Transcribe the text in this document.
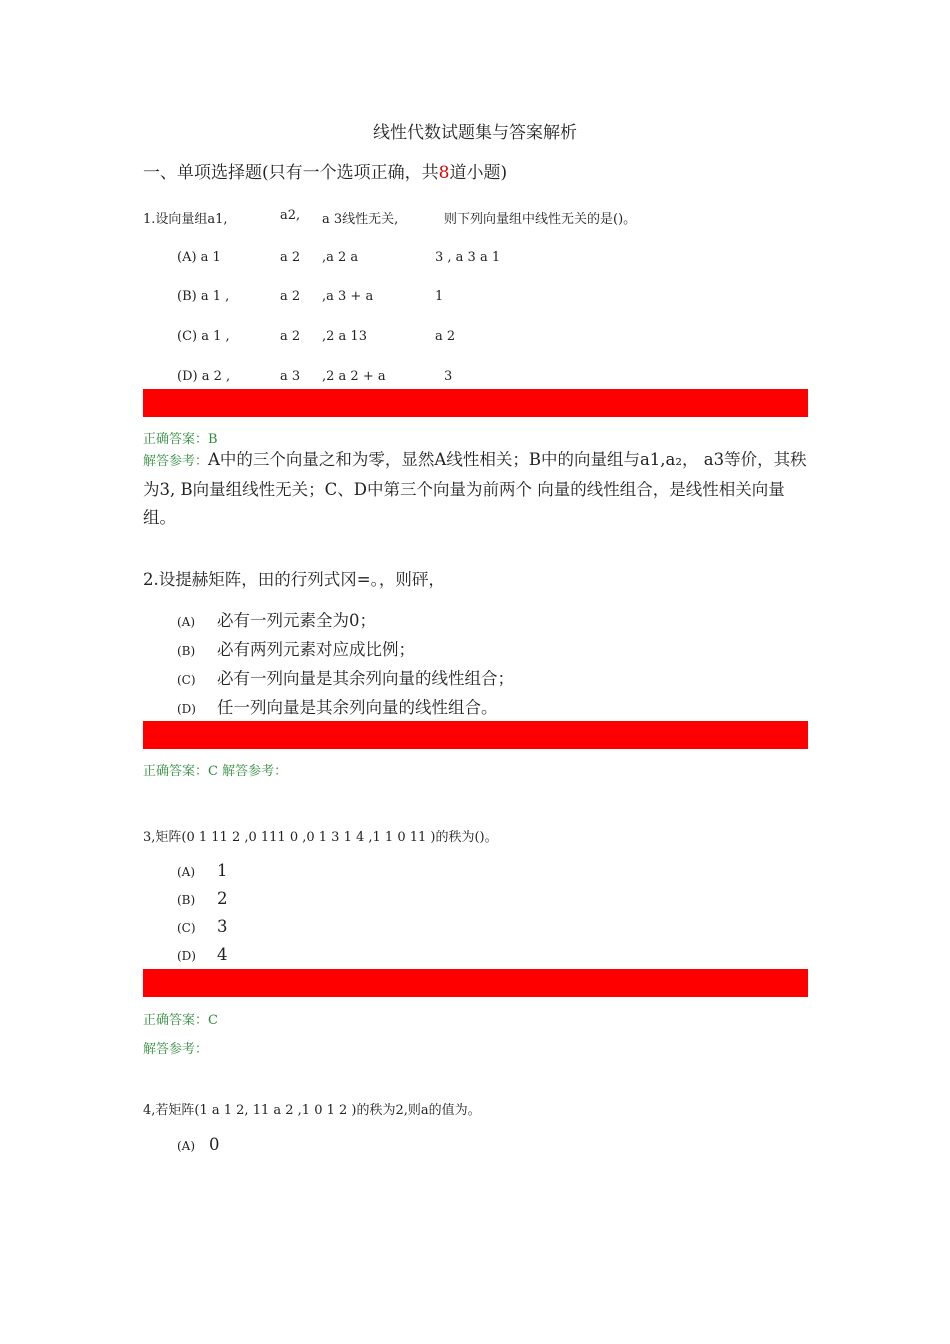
线性代数试题集与答案解析
一、单项选择题(只有一个选项正确，共8道小题)
1.设向量组a1,	a2, a 3线性无关,	则下列向量组中线性无关的是()。
(A) a 1	a 2 ,a 2 a	3 , a 3 a 1
(B) a 1 ,	a 2 ,a 3 + a	1
(C) a 1 ,	a 2 ,2 a 13	a 2
(D) a 2 ,	a 3 ,2 a 2 + a	3
正确答案：B
解答参考：A中的三个向量之和为零，显然A线性相关；B中的向量组与a1,a₂， a3等价，其秩为3, B向量组线性无关；C、D中第三个向量为前两个 向量的线性组合，是线性相关向量组。
2.设提赫矩阵，田的行列式冈=。，则砰，
(A) 必有一列元素全为0；
(B) 必有两列元素对应成比例；
(C) 必有一列向量是其余列向量的线性组合；
(D) 任一列向量是其余列向量的线性组合。
正确答案：C 解答参考：
3,矩阵(0 1 11 2 ,0 111 0 ,0 1 3 1 4 ,1 1 0 11 )的秩为()。
(A) 1
(B) 2
(C) 3
(D) 4
正确答案：C
解答参考：
4,若矩阵(1 a 1 2, 11 a 2 ,1 0 1 2 )的秩为2,则a的值为。
(A) 0
